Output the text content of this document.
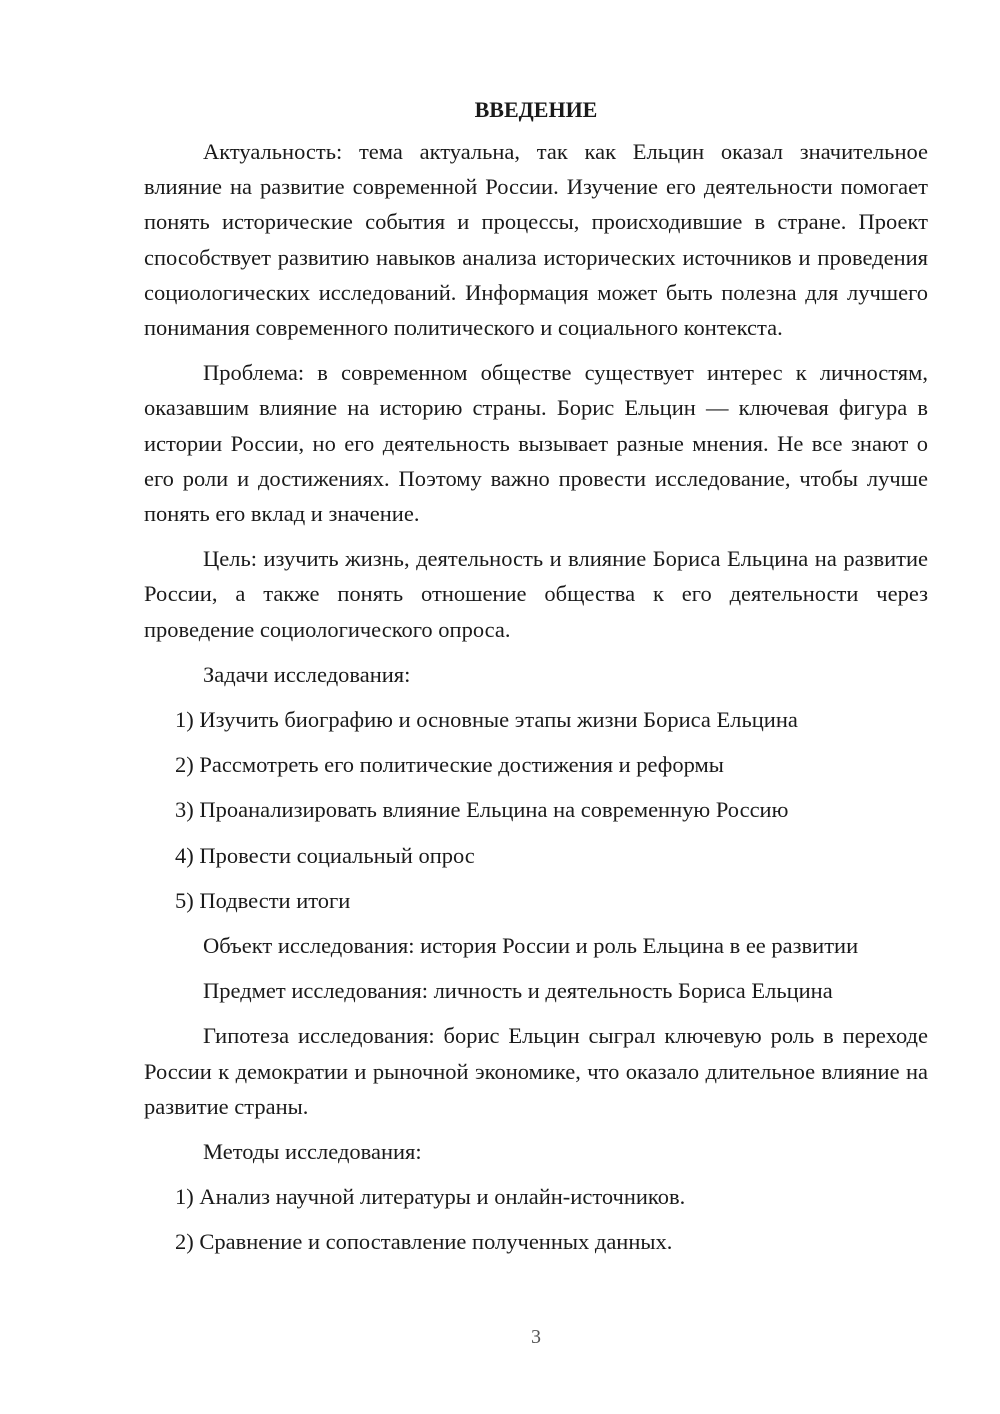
ВВЕДЕНИЕ

Актуальность: тема актуальна, так как Ельцин оказал значительное влияние на развитие современной России. Изучение его деятельности помогает понять исторические события и процессы, происходившие в стране. Проект способствует развитию навыков анализа исторических источников и проведения социологических исследований. Информация может быть полезна для лучшего понимания современного политического и социального контекста.

Проблема: в современном обществе существует интерес к личностям, оказавшим влияние на историю страны. Борис Ельцин — ключевая фигура в истории России, но его деятельность вызывает разные мнения. Не все знают о его роли и достижениях. Поэтому важно провести исследование, чтобы лучше понять его вклад и значение.

Цель: изучить жизнь, деятельность и влияние Бориса Ельцина на развитие России, а также понять отношение общества к его деятельности через проведение социологического опроса.

Задачи исследования:

1) Изучить биографию и основные этапы жизни Бориса Ельцина

2) Рассмотреть его политические достижения и реформы

3) Проанализировать влияние Ельцина на современную Россию

4) Провести социальный опрос

5) Подвести итоги

Объект исследования: история России и роль Ельцина в ее развитии

Предмет исследования: личность и деятельность Бориса Ельцина

Гипотеза исследования: борис Ельцин сыграл ключевую роль в переходе России к демократии и рыночной экономике, что оказало длительное влияние на развитие страны.

Методы исследования:

1) Анализ научной литературы и онлайн-источников.

2) Сравнение и сопоставление полученных данных.

3
